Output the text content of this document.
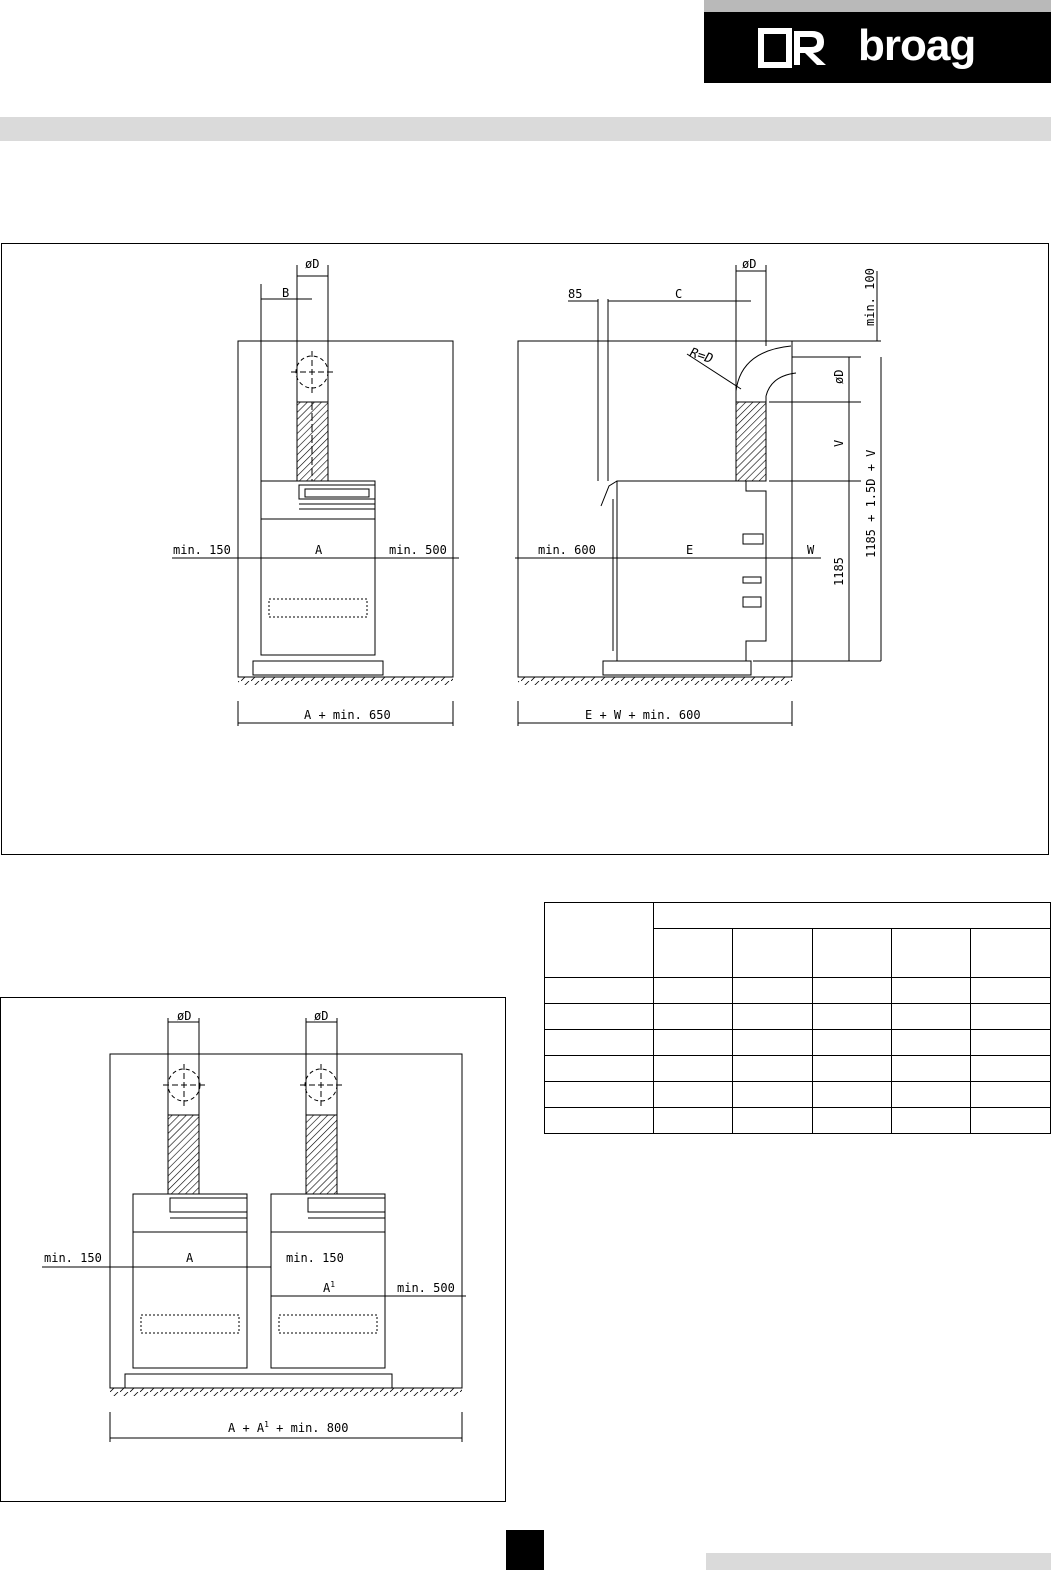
broag
øD
B
A
min. 150	min. 500
A + min. 650
øD
85	C
R=D
min. 600	E	W
E + W + min. 600
min. 100
øD
V
1185 + 1.5D + V
1185

øD	øD
min. 150	A	min. 150
$A^1$	min. 500
$A + A^1 + \min$. 800
